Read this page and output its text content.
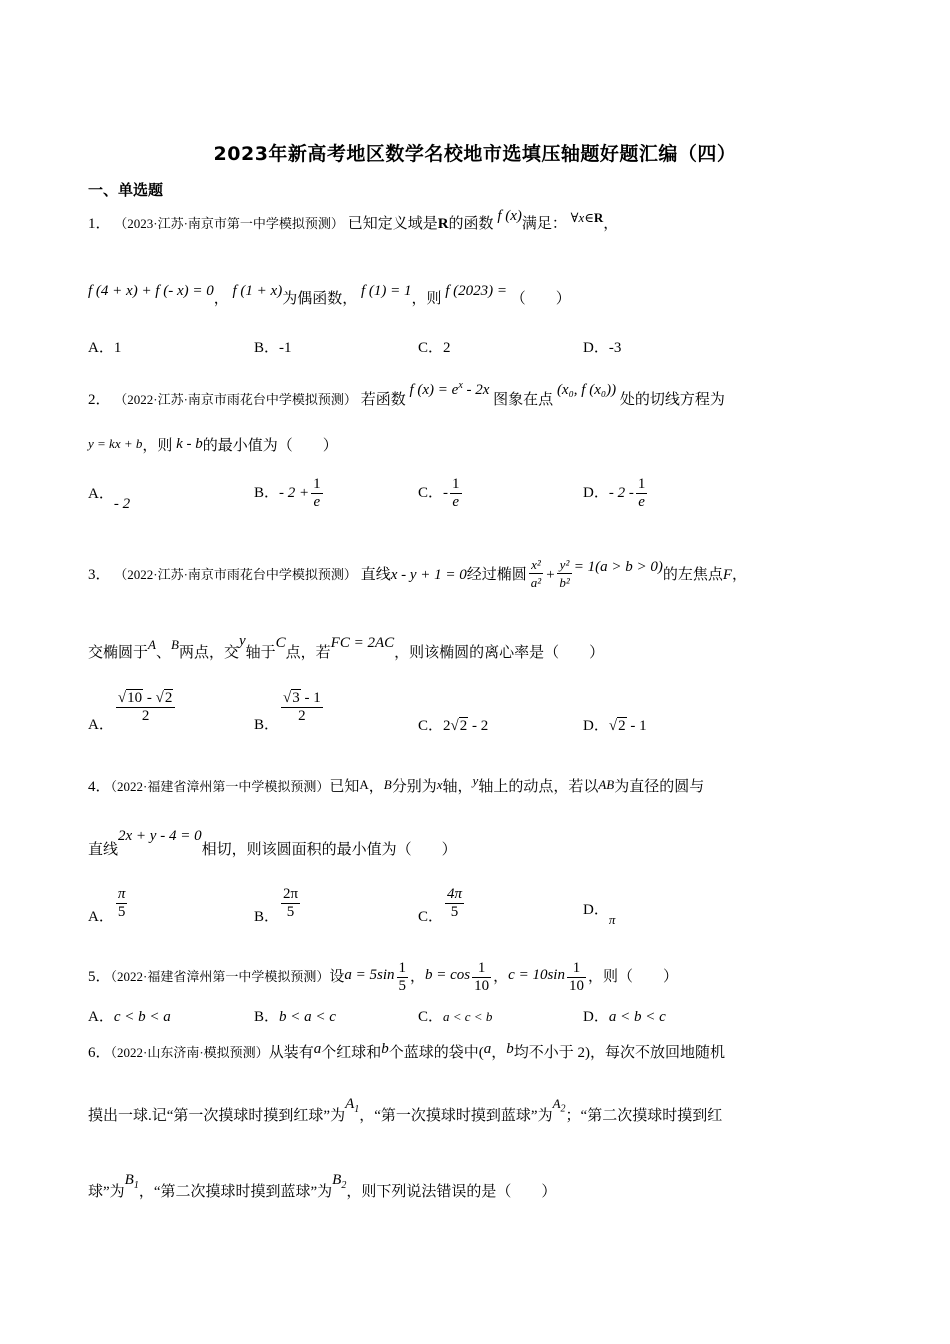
2023年新高考地区数学名校地市选填压轴题好题汇编（四）
一、单选题
1． （2023·江苏·南京市第一中学模拟预测） 已知定义域是R的函数 f (x)满足： ∀x∈R，
f (4 + x) + f (- x) = 0， f (1 + x)为偶函数， f (1) = 1，则 f (2023) = （　　）
A．1	B．-1	C．2	D．-3
2． （2022·江苏·南京市雨花台中学模拟预测） 若函数 f $(x) = e^x - 2x$ 图象在点 (x₀, f (x₀)) 处的切线方程为
y = kx + b，则 k - b的最小值为（　　）
A．- 2
B．- $2 + \frac{1}{e}$	C．- $\frac{1}{e}$	D．- $2 - \frac{1}{e}$
3． （2022·江苏·南京市雨花台中学模拟预测） 直线x - y + 1 = 0经过椭圆 $\frac{\text{x²}}{\text{a²}} + \frac{\text{y²}}{\text{b²}} = 1(a > b > 0)$的左焦点F，
交椭圆于A、B两点，交y轴于C点，若FC = 2AC，则该椭圆的离心率是（　　）
A． $\frac{√10 - √2}{2}$	B． $\frac{√3 - 1}{2}$
C．2√2 - 2	D．√2 - 1
4．（2022·福建省漳州第一中学模拟预测）已知A，B分别为x轴，y轴上的动点，若以AB为直径的圆与
直线2x + y - 4 = 0相切，则该圆面积的最小值为（　　）
A． $\frac{\pi}{5}$	B． $\frac{2\pi}{5}$	C． $\frac{4\pi}{5}$	D．π
5．（2022·福建省漳州第一中学模拟预测）设$a = 5\sin \frac{1}{5}$ ，$b = \cos \frac{1}{10}$ ，$c = 10\sin \frac{1}{10}$ ，则（　　）
A．c < b < a	B．b < a < c	C．a < c < b	D．a < b < c
6．（2022·山东济南·模拟预测）从装有a个红球和b个蓝球的袋中(a，b均不小于 2)，每次不放回地随机
摸出一球.记“第一次摸球时摸到红球”为$A_1$，“第一次摸球时摸到蓝球”为$A_2$；“第二次摸球时摸到红
球”为$B_1$，“第二次摸球时摸到蓝球”为$B_2$，则下列说法错误的是（　　）
